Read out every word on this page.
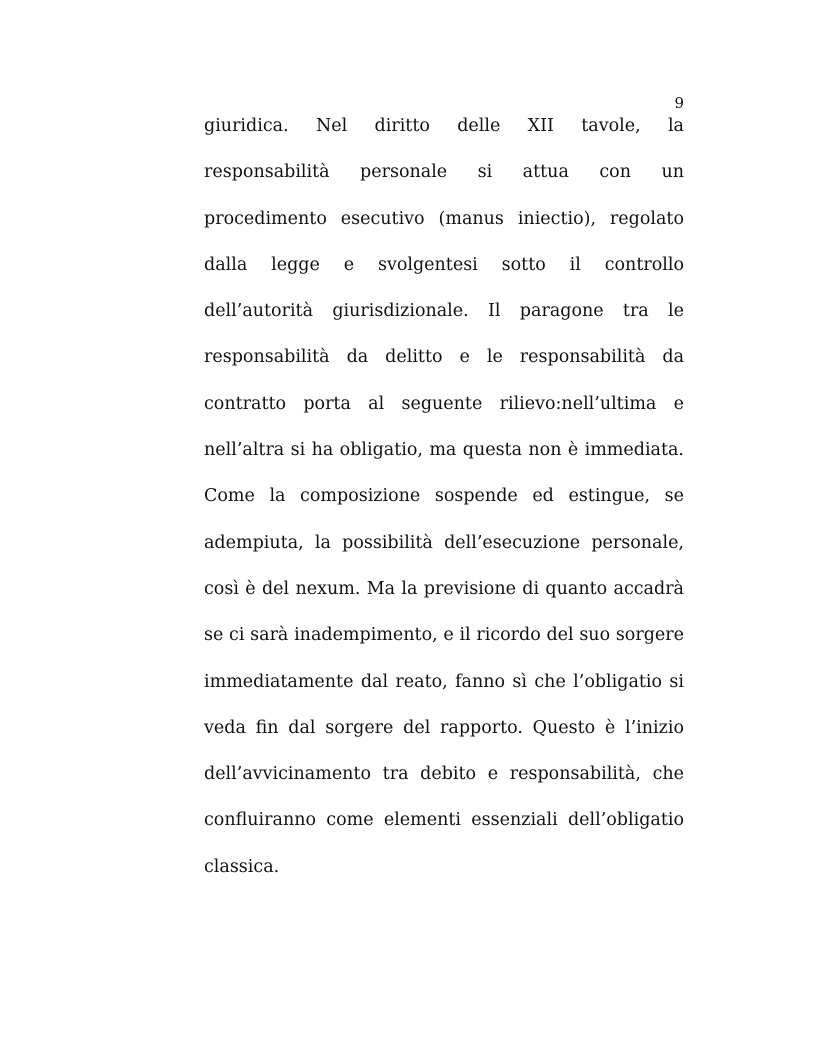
9
giuridica. Nel diritto delle XII tavole, la
responsabilità personale si attua con un
procedimento esecutivo (manus iniectio), regolato
dalla legge e svolgentesi sotto il controllo
dell’autorità giurisdizionale. Il paragone tra le
responsabilità da delitto e le responsabilità da
contratto porta al seguente rilievo:nell’ultima e
nell’altra si ha obligatio, ma questa non è immediata.
Come la composizione sospende ed estingue, se
adempiuta, la possibilità dell’esecuzione personale,
così è del nexum. Ma la previsione di quanto accadrà
se ci sarà inadempimento, e il ricordo del suo sorgere
immediatamente dal reato, fanno sì che l’obligatio si
veda fin dal sorgere del rapporto. Questo è l’inizio
dell’avvicinamento tra debito e responsabilità, che
confluiranno come elementi essenziali dell’obligatio
classica.
